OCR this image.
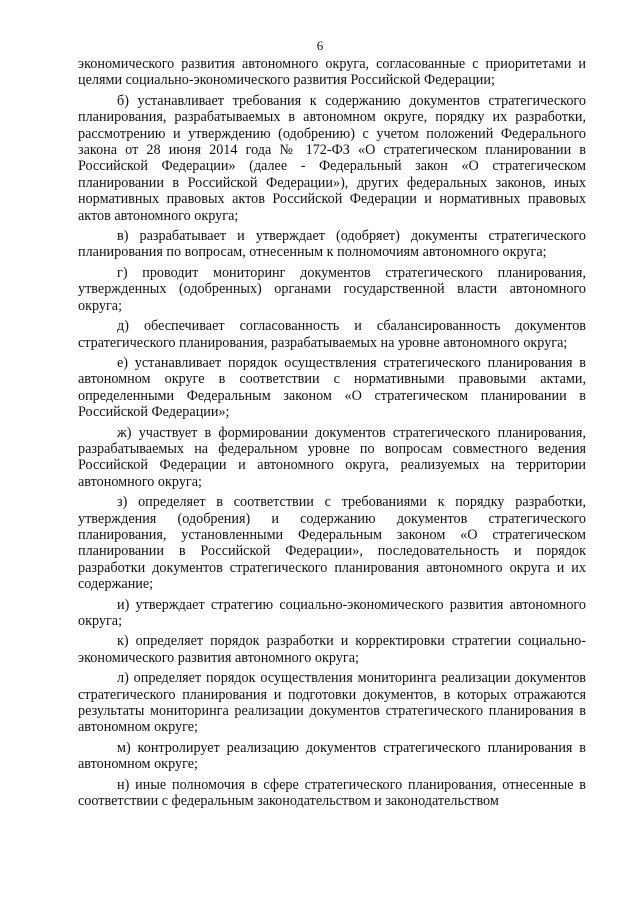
6

экономического развития автономного округа, согласованные с приоритетами и целями социально-экономического развития Российской Федерации;

б) устанавливает требования к содержанию документов стратегического планирования, разрабатываемых в автономном округе, порядку их разработки, рассмотрению и утверждению (одобрению) с учетом положений Федерального закона от 28 июня 2014 года № 172-ФЗ «О стратегическом планировании в Российской Федерации» (далее - Федеральный закон «О стратегическом планировании в Российской Федерации»), других федеральных законов, иных нормативных правовых актов Российской Федерации и нормативных правовых актов автономного округа;

в) разрабатывает и утверждает (одобряет) документы стратегического планирования по вопросам, отнесенным к полномочиям автономного округа;

г) проводит мониторинг документов стратегического планирования, утвержденных (одобренных) органами государственной власти автономного округа;

д) обеспечивает согласованность и сбалансированность документов стратегического планирования, разрабатываемых на уровне автономного округа;

е) устанавливает порядок осуществления стратегического планирования в автономном округе в соответствии с нормативными правовыми актами, определенными Федеральным законом «О стратегическом планировании в Российской Федерации»;

ж) участвует в формировании документов стратегического планирования, разрабатываемых на федеральном уровне по вопросам совместного ведения Российской Федерации и автономного округа, реализуемых на территории автономного округа;

з) определяет в соответствии с требованиями к порядку разработки, утверждения (одобрения) и содержанию документов стратегического планирования, установленными Федеральным законом «О стратегическом планировании в Российской Федерации», последовательность и порядок разработки документов стратегического планирования автономного округа и их содержание;

и) утверждает стратегию социально-экономического развития автономного округа;

к) определяет порядок разработки и корректировки стратегии социально-экономического развития автономного округа;

л) определяет порядок осуществления мониторинга реализации документов стратегического планирования и подготовки документов, в которых отражаются результаты мониторинга реализации документов стратегического планирования в автономном округе;

м) контролирует реализацию документов стратегического планирования в автономном округе;

н) иные полномочия в сфере стратегического планирования, отнесенные в соответствии с федеральным законодательством и законодательством
